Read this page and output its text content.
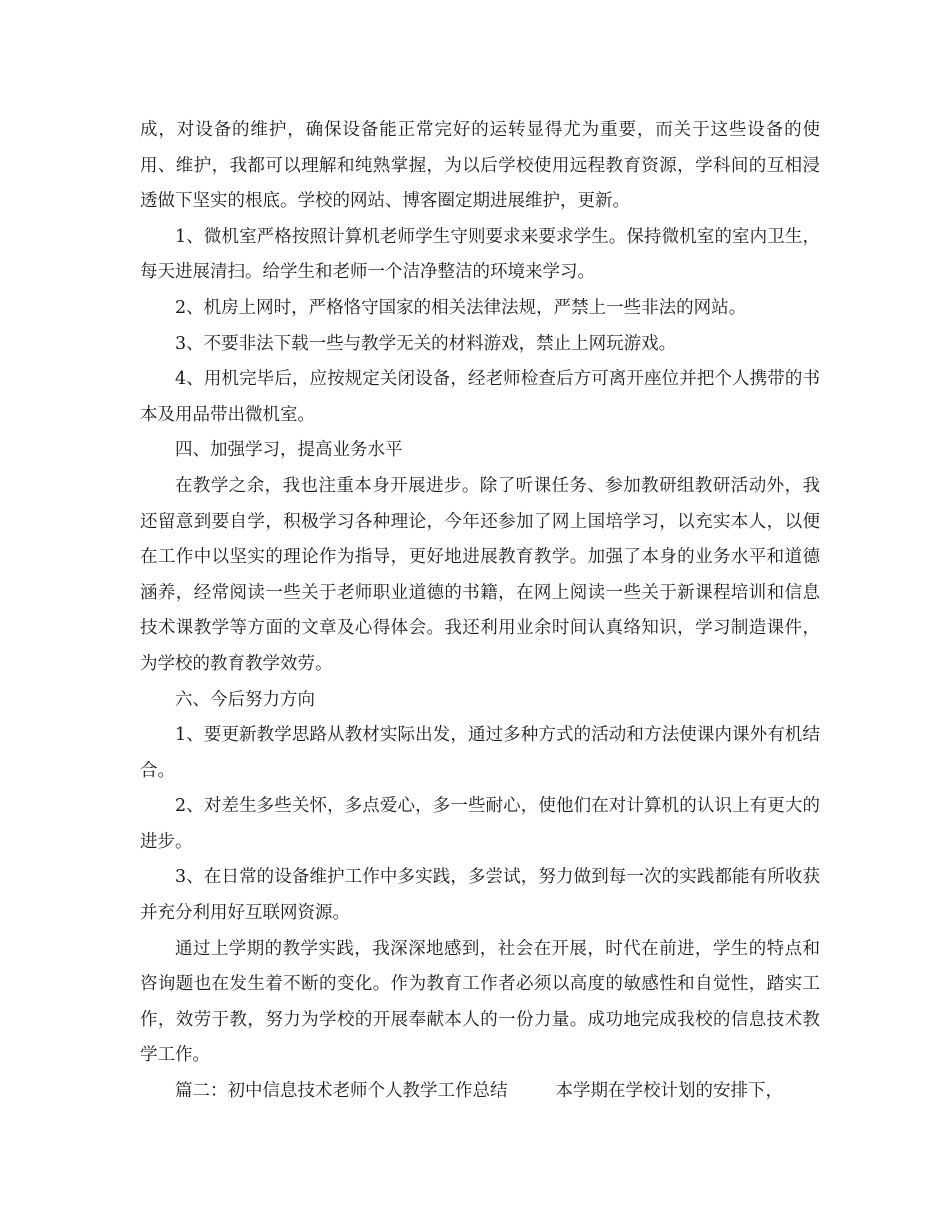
成，对设备的维护，确保设备能正常完好的运转显得尤为重要，而关于这些设备的使用、维护，我都可以理解和纯熟掌握，为以后学校使用远程教育资源，学科间的互相浸透做下坚实的根底。学校的网站、博客圈定期进展维护，更新。

1、微机室严格按照计算机老师学生守则要求来要求学生。保持微机室的室内卫生，每天进展清扫。给学生和老师一个洁净整洁的环境来学习。

2、机房上网时，严格恪守国家的相关法律法规，严禁上一些非法的网站。

3、不要非法下载一些与教学无关的材料游戏，禁止上网玩游戏。

4、用机完毕后，应按规定关闭设备，经老师检查后方可离开座位并把个人携带的书本及用品带出微机室。

四、加强学习，提高业务水平

在教学之余，我也注重本身开展进步。除了听课任务、参加教研组教研活动外，我还留意到要自学，积极学习各种理论，今年还参加了网上国培学习，以充实本人，以便在工作中以坚实的理论作为指导，更好地进展教育教学。加强了本身的业务水平和道德涵养，经常阅读一些关于老师职业道德的书籍，在网上阅读一些关于新课程培训和信息技术课教学等方面的文章及心得体会。我还利用业余时间认真络知识，学习制造课件，为学校的教育教学效劳。

六、今后努力方向

1、要更新教学思路从教材实际出发，通过多种方式的活动和方法使课内课外有机结合。

2、对差生多些关怀，多点爱心，多一些耐心，使他们在对计算机的认识上有更大的进步。

3、在日常的设备维护工作中多实践，多尝试，努力做到每一次的实践都能有所收获并充分利用好互联网资源。

通过上学期的教学实践，我深深地感到，社会在开展，时代在前进，学生的特点和咨询题也在发生着不断的变化。作为教育工作者必须以高度的敏感性和自觉性，踏实工作，效劳于教，努力为学校的开展奉献本人的一份力量。成功地完成我校的信息技术教学工作。

篇二：初中信息技术老师个人教学工作总结	本学期在学校计划的安排下，
